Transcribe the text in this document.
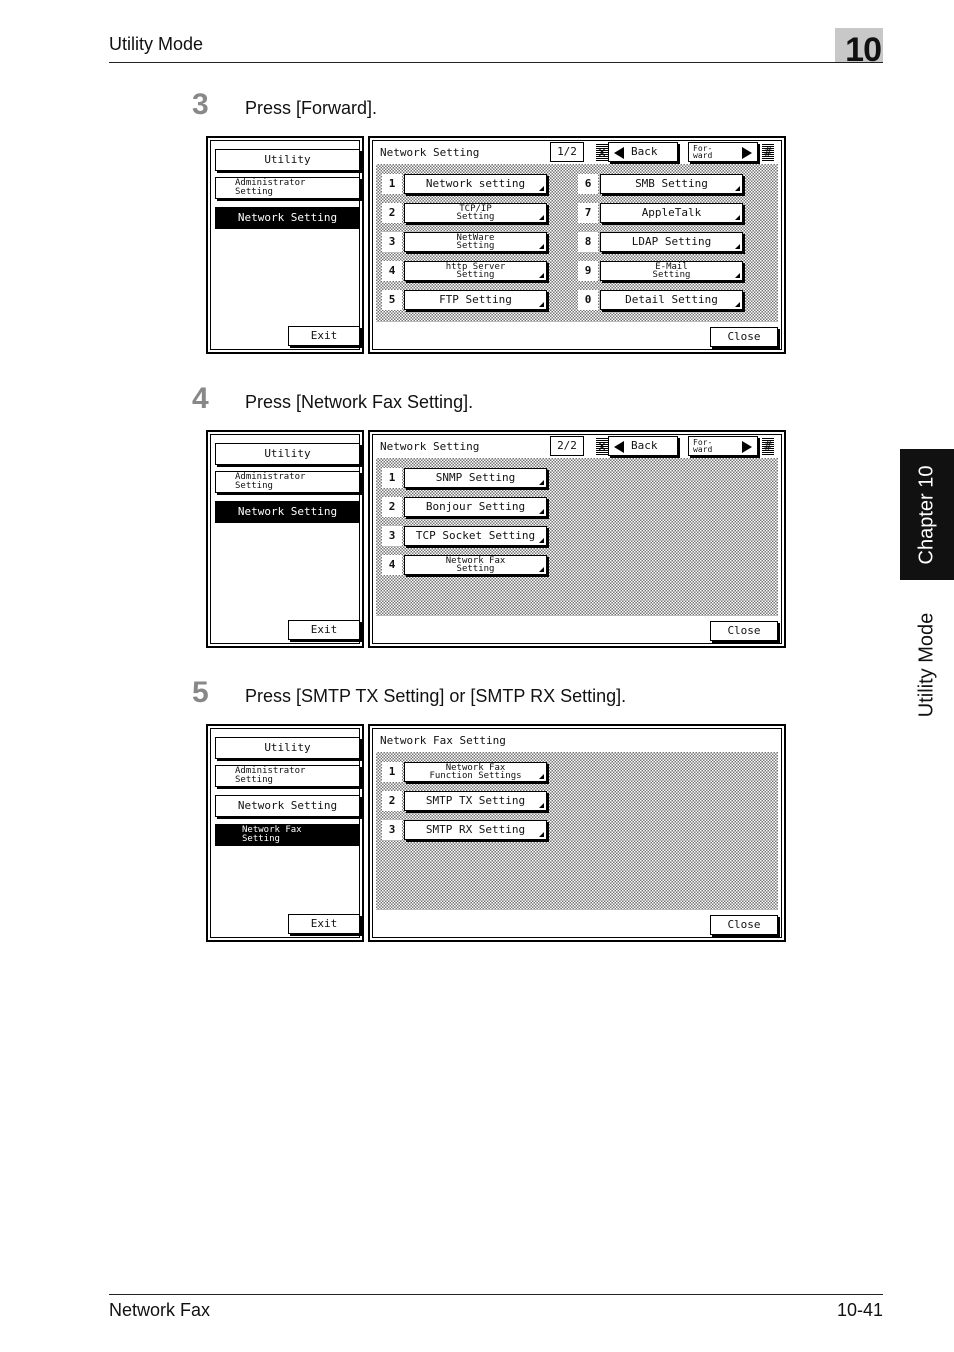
Utility Mode	10
Chapter 10
Utility Mode
3 Press [Forward].
Utility
Administrator
Setting
Network Setting
Exit
Network Setting	1/2	x	Back	For-
ward	#
1	Network setting
2	TCP/IP
Setting
3	NetWare
Setting
4	http Server
Setting
5	FTP Setting
6	SMB Setting
7	AppleTalk
8	LDAP Setting
9	E-Mail
Setting
0	Detail Setting
Close
4 Press [Network Fax Setting].
Utility
Administrator
Setting
Network Setting
Exit
Network Setting	2/2	x	Back	For-
ward	#
1	SNMP Setting
2	Bonjour Setting
3	TCP Socket Setting
4	Network Fax
Setting
Close
5 Press [SMTP TX Setting] or [SMTP RX Setting].
Utility
Administrator
Setting
Network Setting
Network Fax
Setting
Exit
Network Fax Setting
1	Network Fax
Function Settings
2	SMTP TX Setting
3	SMTP RX Setting
Close
Network Fax	10-41
